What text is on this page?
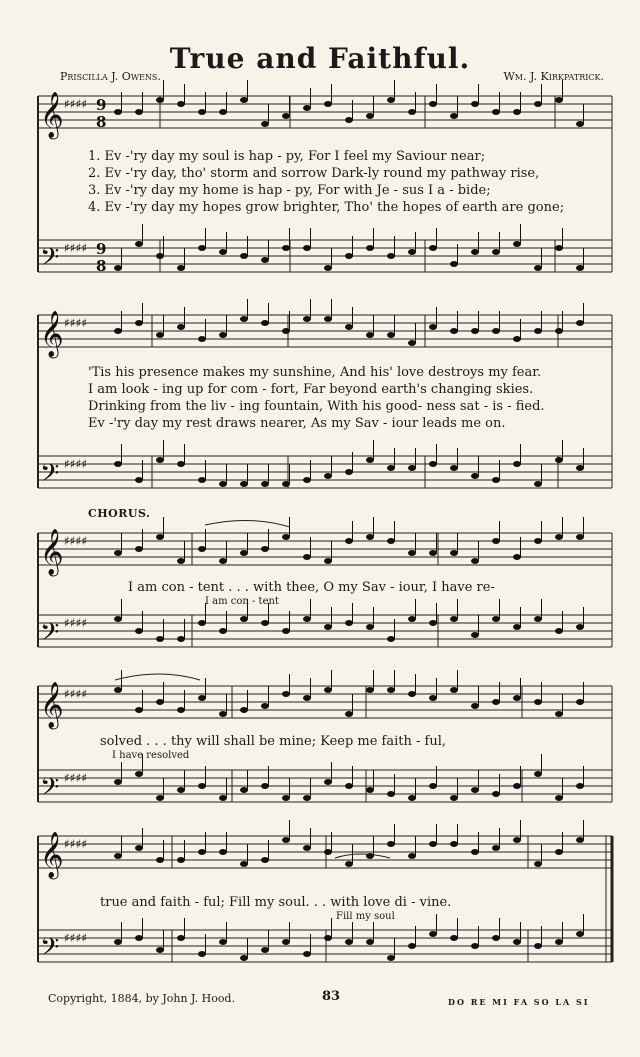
True and Faithful.
Priscilla J. Owens.	Wm. J. Kirkpatrick.
𝄞
𝄢
𝄞
𝄢
𝄞
𝄢
𝄞
𝄢
𝄞
𝄢
♯♯♯♯
♯♯♯♯
♯♯♯♯
♯♯♯♯
♯♯♯♯
♯♯♯♯
♯♯♯♯
♯♯♯♯
♯♯♯♯
♯♯♯♯
9
8
9
8
1. Ev -'ry day my soul is hap - py, For I feel my Saviour near;
2. Ev -'ry day, tho' storm and sorrow Dark-ly round my pathway rise,
3. Ev -'ry day my home is hap - py, For with Je - sus I a - bide;
4. Ev -'ry day my hopes grow brighter, Tho' the hopes of earth are gone;
'Tis his presence makes my sunshine, And his' love destroys my fear.
I am look - ing up for com - fort, Far beyond earth's changing skies.
Drinking from the liv - ing fountain, With his good- ness sat - is - fied.
Ev -'ry day my rest draws nearer, As my Sav - iour leads me on.
CHORUS.
I am con - tent . . . with thee, O my Sav - iour, I have re-
I am con - tent
solved . . . thy will shall be mine; Keep me faith - ful,
I have resolved
true and faith - ful; Fill my soul. . . with love di - vine.
Fill my soul
Copyright, 1884, by John J. Hood.	83	DO RE MI FA SO LA SI
